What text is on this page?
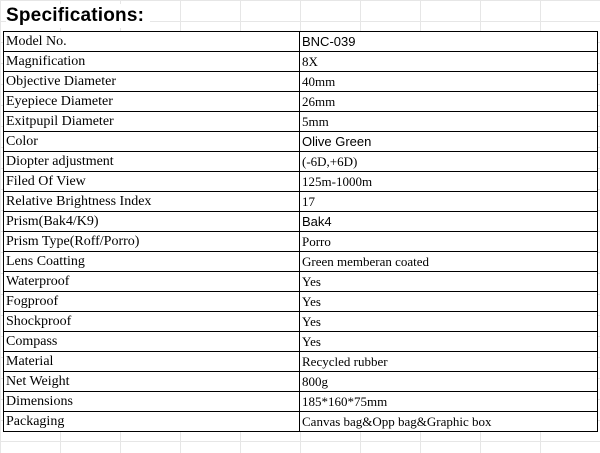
Specifications:
Model No.	BNC-039
Magnification	8X
Objective Diameter	40mm
Eyepiece Diameter	26mm
Exitpupil Diameter	5mm
Color	Olive Green
Diopter adjustment	(-6D,+6D)
Filed Of View	125m-1000m
Relative Brightness Index	17
Prism(Bak4/K9)	Bak4
Prism Type(Roff/Porro)	Porro
Lens Coatting	Green memberan coated
Waterproof	Yes
Fogproof	Yes
Shockproof	Yes
Compass	Yes
Material	Recycled rubber
Net Weight	800g
Dimensions	185*160*75mm
Packaging	Canvas bag&Opp bag&Graphic box
